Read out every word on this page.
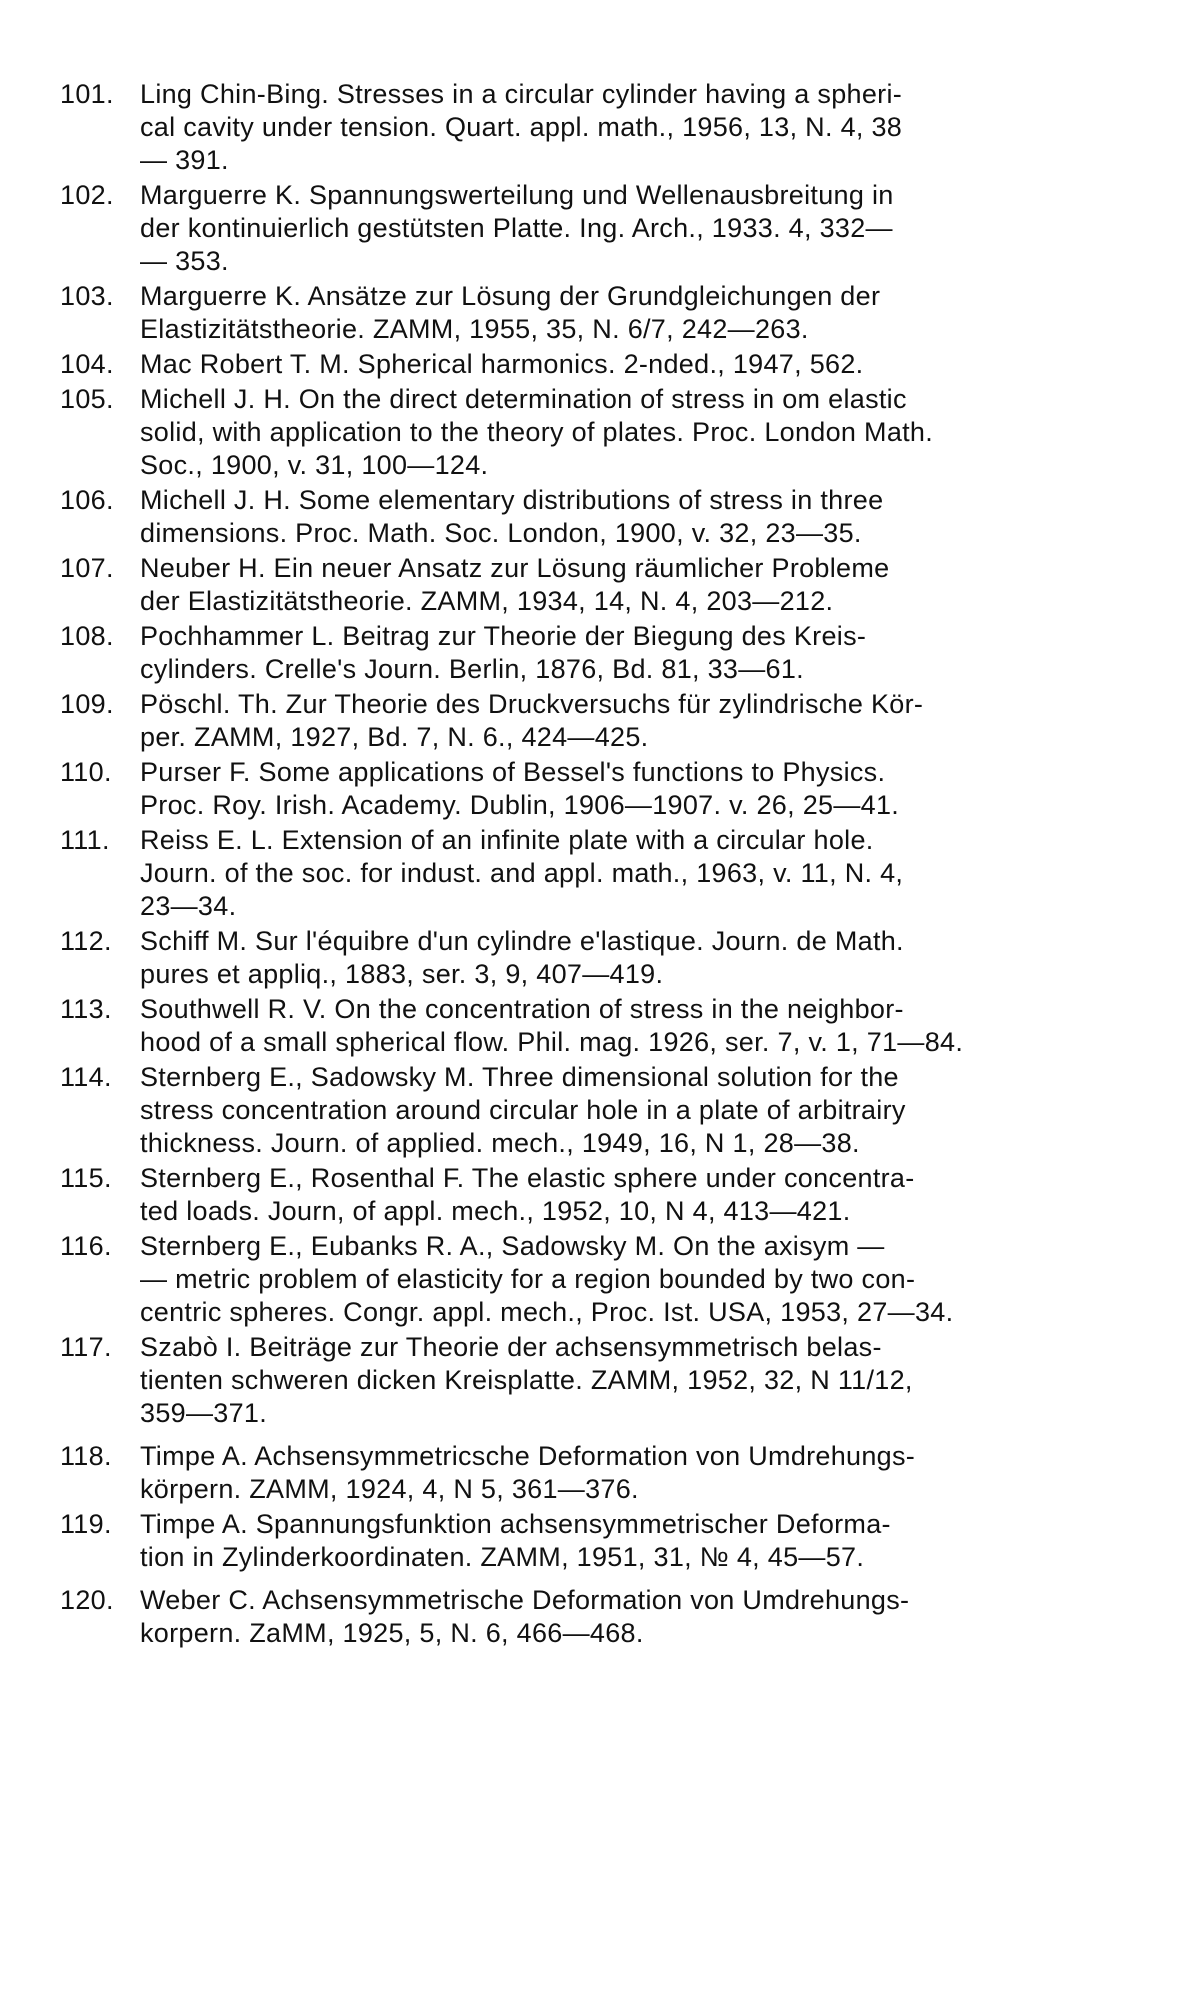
101. Ling Chin-Bing. Stresses in a circular cylinder having a spheri-
cal cavity under tension. Quart. appl. math., 1956, 13, N. 4, 38
— 391.
102. Marguerre K. Spannungswerteilung und Wellenausbreitung in
der kontinuierlich gestütsten Platte. Ing. Arch., 1933. 4, 332—
— 353.
103. Marguerre K. Ansätze zur Lösung der Grundgleichungen der
Elastizitätstheorie. ZAMM, 1955, 35, N. 6/7, 242—263.
104. Mac Robert T. M. Spherical harmonics. 2-nded., 1947, 562.
105. Michell J. H. On the direct determination of stress in om elastic
solid, with application to the theory of plates. Proc. London Math.
Soc., 1900, v. 31, 100—124.
106. Michell J. H. Some elementary distributions of stress in three
dimensions. Proc. Math. Soc. London, 1900, v. 32, 23—35.
107. Neuber H. Ein neuer Ansatz zur Lösung räumlicher Probleme
der Elastizitätstheorie. ZAMM, 1934, 14, N. 4, 203—212.
108. Pochhammer L. Beitrag zur Theorie der Biegung des Kreis-
cylinders. Crelle's Journ. Berlin, 1876, Bd. 81, 33—61.
109. Pöschl. Th. Zur Theorie des Druckversuchs für zylindrische Kör-
per. ZAMM, 1927, Bd. 7, N. 6., 424—425.
110.	Purser F. Some applications of Bessel's functions to Physics.
Proc. Roy. Irish. Academy. Dublin, 1906—1907. v. 26, 25—41.
111.	Reiss E. L. Extension of an infinite plate with a circular hole.
Journ. of the soc. for indust. and appl. math., 1963, v. 11, N. 4,
23—34.
112.	Schiff M. Sur l'équibre d'un cylindre e'lastique. Journ. de Math.
pures et appliq., 1883, ser. 3, 9, 407—419.
113.	Southwell R. V. On the concentration of stress in the neighbor-
hood of a small spherical flow. Phil. mag. 1926, ser. 7, v. 1, 71—84.
114.	Sternberg E., Sadowsky M. Three dimensional solution for the
stress concentration around circular hole in a plate of arbitrairy
thickness. Journ. of applied. mech., 1949, 16, N 1, 28—38.
115.	Sternberg E., Rosenthal F. The elastic sphere under concentra-
ted loads. Journ, of appl. mech., 1952, 10, N 4, 413—421.
116.	Sternberg E., Eubanks R. A., Sadowsky M. On the axisym —
— metric problem of elasticity for a region bounded by two con-
centric spheres. Congr. appl. mech., Proc. Ist. USA, 1953, 27—34.
117.	Szabò I. Beiträge zur Theorie der achsensymmetrisch belas-
tienten schweren dicken Kreisplatte. ZAMM, 1952, 32, N 11/12,
359—371.
118.	Timpe A. Achsensymmetricsche Deformation von Umdrehungs-
körpern. ZAMM, 1924, 4, N 5, 361—376.
119.	Timpe A. Spannungsfunktion achsensymmetrischer Deforma-
tion in Zylinderkoordinaten. ZAMM, 1951, 31, № 4, 45—57.
120. Weber C. Achsensymmetrische Deformation von Umdrehungs-
korpern. ZaMM, 1925, 5, N. 6, 466—468.
